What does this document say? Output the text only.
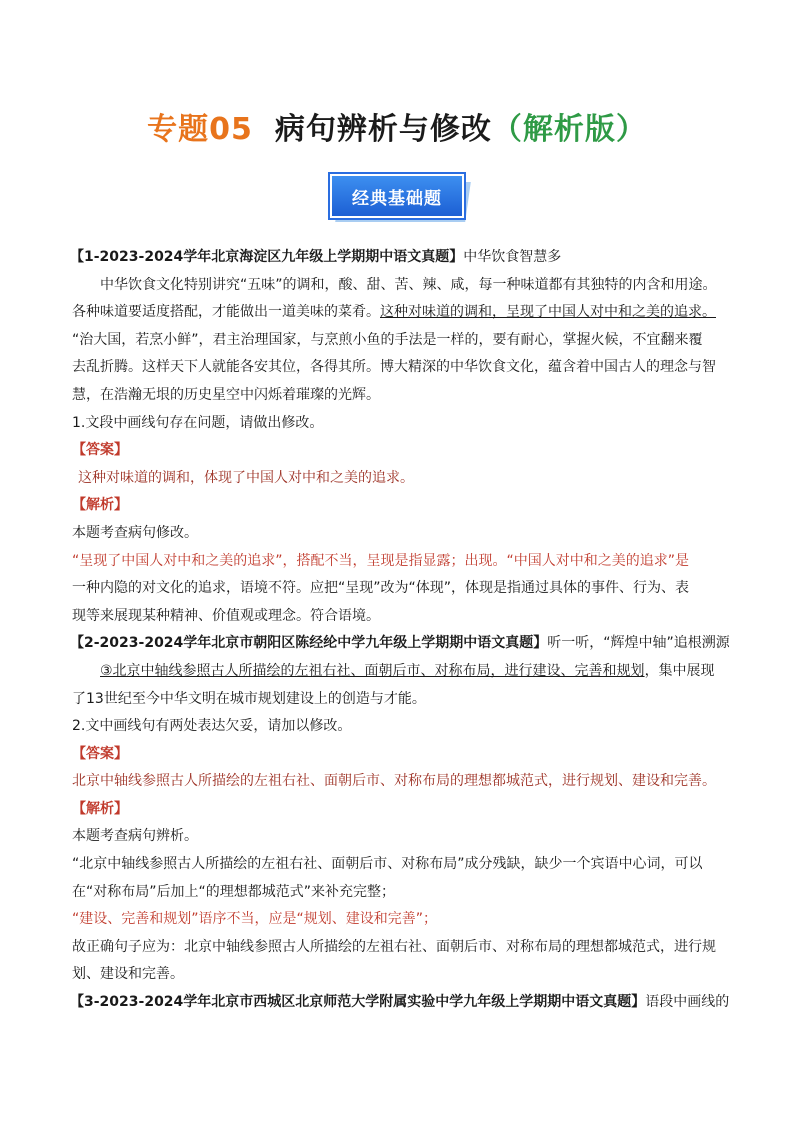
专题05 病句辨析与修改（解析版）
经典基础题
【1-2023-2024学年北京海淀区九年级上学期期中语文真题】中华饮食智慧多
中华饮食文化特别讲究“五味”的调和，酸、甜、苦、辣、咸，每一种味道都有其独特的内含和用途。
各种味道要适度搭配，才能做出一道美味的菜肴。这种对味道的调和，呈现了中国人对中和之美的追求。
“治大国，若烹小鲜”，君主治理国家，与烹煎小鱼的手法是一样的，要有耐心，掌握火候，不宜翻来覆
去乱折腾。这样天下人就能各安其位，各得其所。博大精深的中华饮食文化，蕴含着中国古人的理念与智
慧，在浩瀚无垠的历史星空中闪烁着璀璨的光辉。
1.文段中画线句存在问题，请做出修改。
【答案】
这种对味道的调和，体现了中国人对中和之美的追求。
【解析】
本题考查病句修改。
“呈现了中国人对中和之美的追求”，搭配不当，呈现是指显露；出现。“中国人对中和之美的追求”是
一种内隐的对文化的追求，语境不符。应把“呈现”改为“体现”，体现是指通过具体的事件、行为、表
现等来展现某种精神、价值观或理念。符合语境。
【2-2023-2024学年北京市朝阳区陈经纶中学九年级上学期期中语文真题】听一听，“辉煌中轴”追根溯源
③北京中轴线参照古人所描绘的左祖右社、面朝后市、对称布局，进行建设、完善和规划，集中展现
了13世纪至今中华文明在城市规划建设上的创造与才能。
2.文中画线句有两处表达欠妥，请加以修改。
【答案】
北京中轴线参照古人所描绘的左祖右社、面朝后市、对称布局的理想都城范式，进行规划、建设和完善。
【解析】
本题考查病句辨析。
“北京中轴线参照古人所描绘的左祖右社、面朝后市、对称布局”成分残缺，缺少一个宾语中心词，可以
在“对称布局”后加上“的理想都城范式”来补充完整；
“建设、完善和规划”语序不当，应是“规划、建设和完善”；
故正确句子应为：北京中轴线参照古人所描绘的左祖右社、面朝后市、对称布局的理想都城范式，进行规
划、建设和完善。
【3-2023-2024学年北京市西城区北京师范大学附属实验中学九年级上学期期中语文真题】语段中画线的
